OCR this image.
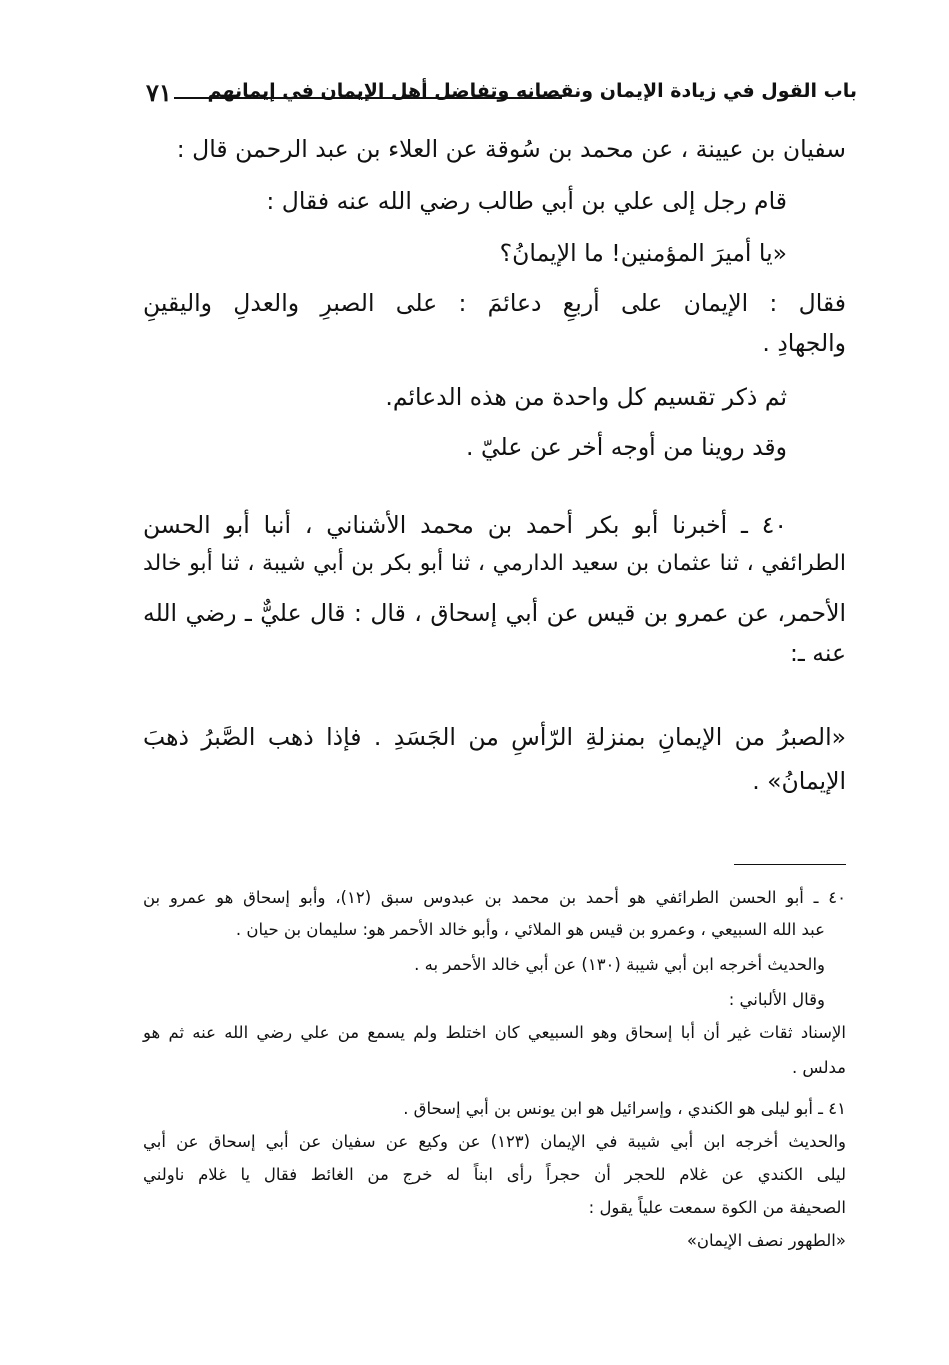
٧١ باب القول في زيادة الإيمان ونقصانه وتفاضل أهل الإيمان في إيمانهم
سفيان بن عيينة ، عن محمد بن سُوقة عن العلاء بن عبد الرحمن قال :
قام رجل إلى علي بن أبي طالب رضي الله عنه فقال :
«يا أميرَ المؤمنين! ما الإيمانُ؟
فقال : الإيمان على أربعِ دعائمَ : على الصبرِ والعدلِ واليقينِ
والجهادِ .
ثم ذكر تقسيم كل واحدة من هذه الدعائم.
وقد روينا من أوجه أخر عن عليّ .
٤٠ ـ أخبرنا أبو بكر أحمد بن محمد الأشناني ، أنبا أبو الحسن
الطرائفي ، ثنا عثمان بن سعيد الدارمي ، ثنا أبو بكر بن أبي شيبة ، ثنا أبو خالد
الأحمر، عن عمرو بن قيس عن أبي إسحاق ، قال : قال عليٌّ ـ رضي الله
عنه ـ:
«الصبرُ من الإيمانِ بمنزلةِ الرّأسِ من الجَسَدِ . فإذا ذهب الصَّبرُ ذهبَ
الإيمانُ» .
٤٠ ـ أبو الحسن الطرائفي هو أحمد بن محمد بن عبدوس سبق (١٢)، وأبو إسحاق هو عمرو بن
عبد الله السبيعي ، وعمرو بن قيس هو الملائي ، وأبو خالد الأحمر هو: سليمان بن حيان .
والحديث أخرجه ابن أبي شيبة (١٣٠) عن أبي خالد الأحمر به .
وقال الألباني :
الإسناد ثقات غير أن أبا إسحاق وهو السبيعي كان اختلط ولم يسمع من علي رضي الله عنه ثم هو
مدلس .
٤١ ـ أبو ليلى هو الكندي ، وإسرائيل هو ابن يونس بن أبي إسحاق .
والحديث أخرجه ابن أبي شيبة في الإيمان (١٢٣) عن وكيع عن سفيان عن أبي إسحاق عن أبي
ليلى الكندي عن غلام للحجر أن حجراً رأى ابناً له خرج من الغائط فقال يا غلام ناولني
الصحيفة من الكوة سمعت علياً يقول :
«الطهور نصف الإيمان»
